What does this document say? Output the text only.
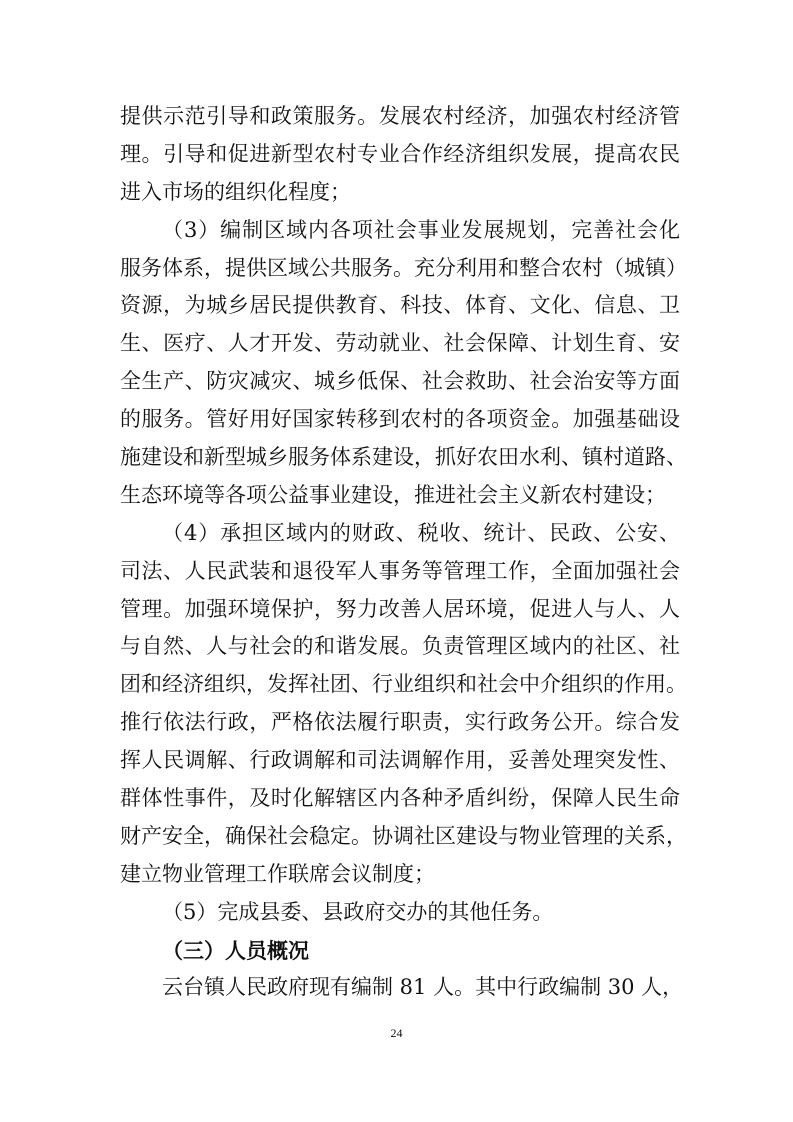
提供示范引导和政策服务。发展农村经济，加强农村经济管
理。引导和促进新型农村专业合作经济组织发展，提高农民
进入市场的组织化程度；
（3）编制区域内各项社会事业发展规划，完善社会化
服务体系，提供区域公共服务。充分利用和整合农村（城镇）
资源，为城乡居民提供教育、科技、体育、文化、信息、卫
生、医疗、人才开发、劳动就业、社会保障、计划生育、安
全生产、防灾减灾、城乡低保、社会救助、社会治安等方面
的服务。管好用好国家转移到农村的各项资金。加强基础设
施建设和新型城乡服务体系建设，抓好农田水利、镇村道路、
生态环境等各项公益事业建设，推进社会主义新农村建设；
（4）承担区域内的财政、税收、统计、民政、公安、
司法、人民武装和退役军人事务等管理工作，全面加强社会
管理。加强环境保护，努力改善人居环境，促进人与人、人
与自然、人与社会的和谐发展。负责管理区域内的社区、社
团和经济组织，发挥社团、行业组织和社会中介组织的作用。
推行依法行政，严格依法履行职责，实行政务公开。综合发
挥人民调解、行政调解和司法调解作用，妥善处理突发性、
群体性事件，及时化解辖区内各种矛盾纠纷，保障人民生命
财产安全，确保社会稳定。协调社区建设与物业管理的关系，
建立物业管理工作联席会议制度；
（5）完成县委、县政府交办的其他任务。
（三）人员概况
云台镇人民政府现有编制 81 人。其中行政编制 30 人，
24
